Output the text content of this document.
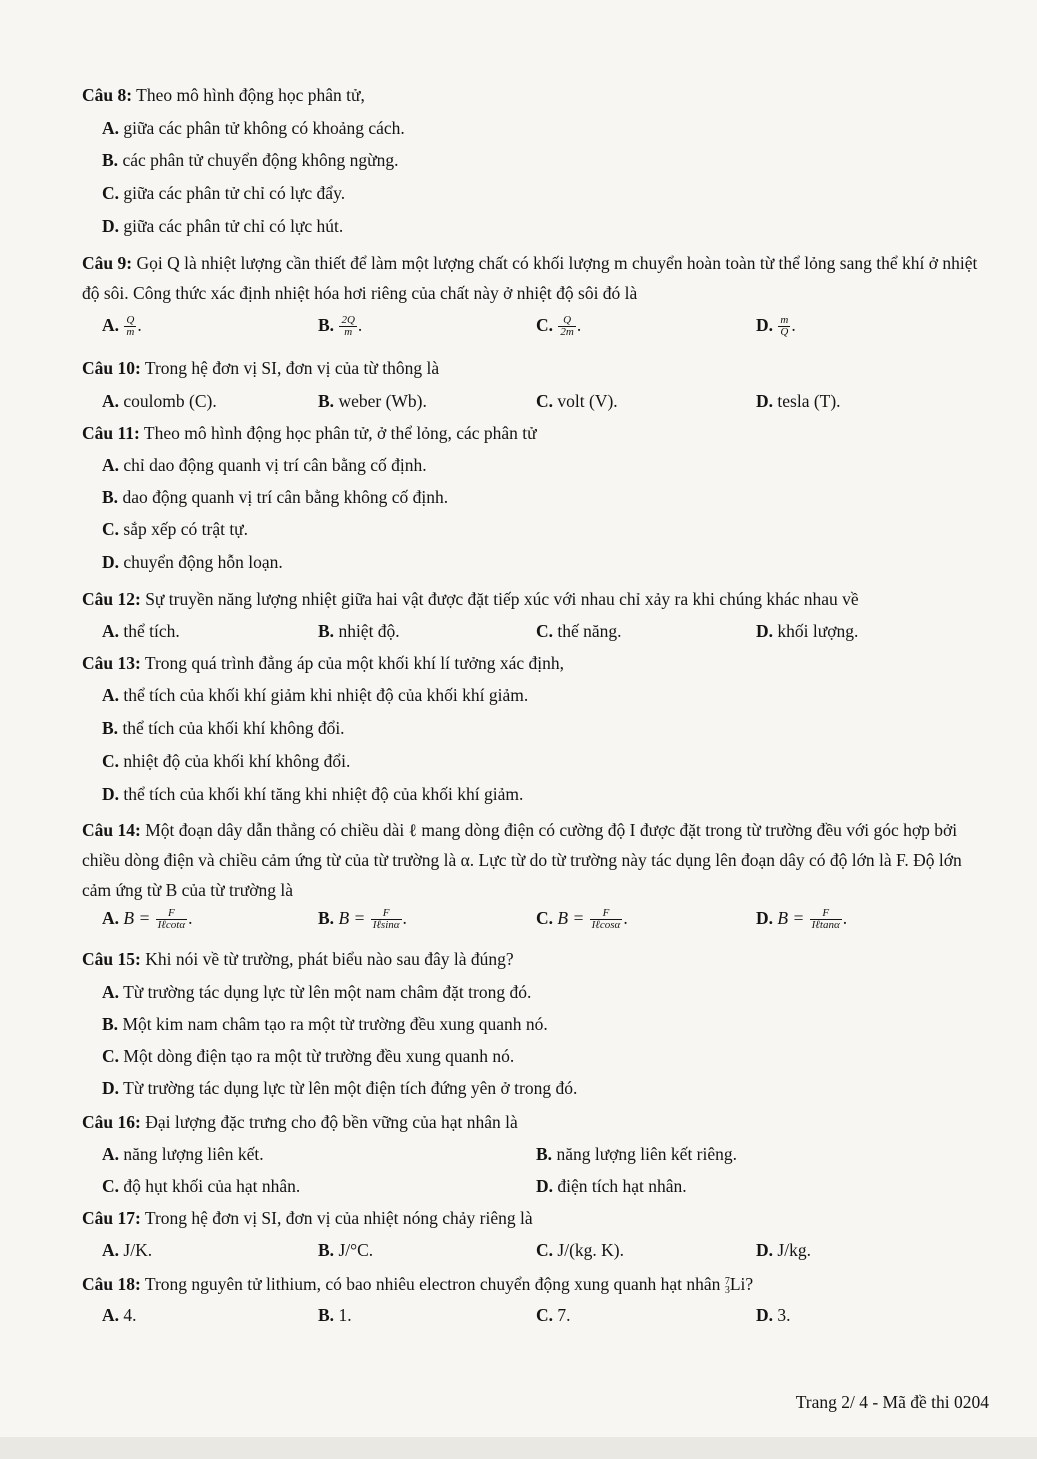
Câu 8: Theo mô hình động học phân tử,
A. giữa các phân tử không có khoảng cách.
B. các phân tử chuyển động không ngừng.
C. giữa các phân tử chỉ có lực đẩy.
D. giữa các phân tử chỉ có lực hút.
Câu 9: Gọi Q là nhiệt lượng cần thiết để làm một lượng chất có khối lượng m chuyển hoàn toàn từ thể lỏng sang thể khí ở nhiệt độ sôi. Công thức xác định nhiệt hóa hơi riêng của chất này ở nhiệt độ sôi đó là
A. $\frac{Q}{m}$ .	B. $\frac{2Q}{m}$ .	C. $\frac{Q}{2m}$ .	D. $\frac{m}{Q}$ .
Câu 10: Trong hệ đơn vị SI, đơn vị của từ thông là
A. coulomb (C).	B. weber (Wb).	C. volt (V).	D. tesla (T).
Câu 11: Theo mô hình động học phân tử, ở thể lỏng, các phân tử
A. chỉ dao động quanh vị trí cân bằng cố định.
B. dao động quanh vị trí cân bằng không cố định.
C. sắp xếp có trật tự.
D. chuyển động hỗn loạn.
Câu 12: Sự truyền năng lượng nhiệt giữa hai vật được đặt tiếp xúc với nhau chỉ xảy ra khi chúng khác nhau về
A. thể tích.	B. nhiệt độ.	C. thế năng.	D. khối lượng.
Câu 13: Trong quá trình đẳng áp của một khối khí lí tưởng xác định,
A. thể tích của khối khí giảm khi nhiệt độ của khối khí giảm.
B. thể tích của khối khí không đổi.
C. nhiệt độ của khối khí không đổi.
D. thể tích của khối khí tăng khi nhiệt độ của khối khí giảm.
Câu 14: Một đoạn dây dẫn thẳng có chiều dài ℓ mang dòng điện có cường độ I được đặt trong từ trường đều với góc hợp bởi chiều dòng điện và chiều cảm ứng từ của từ trường là α. Lực từ do từ trường này tác dụng lên đoạn dây có độ lớn là F. Độ lớn cảm ứng từ B của từ trường là
A. $B = \frac{F}{\text{Iℓcotα}}$ .	B. $B = \frac{F}{\text{Iℓsinα}}$ .	C. $B = \frac{F}{\text{Iℓcosα}}$ .	D. $B = \frac{F}{\text{Iℓtanα}}$ .
Câu 15: Khi nói về từ trường, phát biểu nào sau đây là đúng?
A. Từ trường tác dụng lực từ lên một nam châm đặt trong đó.
B. Một kim nam châm tạo ra một từ trường đều xung quanh nó.
C. Một dòng điện tạo ra một từ trường đều xung quanh nó.
D. Từ trường tác dụng lực từ lên một điện tích đứng yên ở trong đó.
Câu 16: Đại lượng đặc trưng cho độ bền vững của hạt nhân là
A. năng lượng liên kết.	B. năng lượng liên kết riêng.
C. độ hụt khối của hạt nhân.	D. điện tích hạt nhân.
Câu 17: Trong hệ đơn vị SI, đơn vị của nhiệt nóng chảy riêng là
A. J/K.	B. J/°C.	C. J/(kg. K).	D. J/kg.
Câu 18: Trong nguyên tử lithium, có bao nhiêu electron chuyển động xung quanh hạt nhân 7
3 Li?
A. 4.	B. 1.	C. 7.	D. 3.
Trang 2/ 4 - Mã đề thi 0204
